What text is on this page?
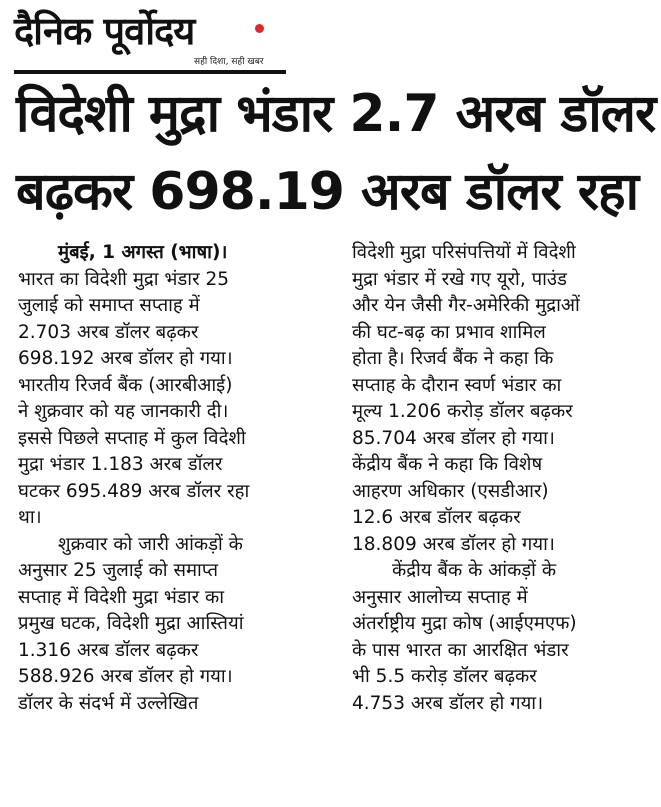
दैनिक पूर्वोदय
सही दिशा, सही खबर
विदेशी मुद्रा भंडार 2.7 अरब डॉलर
बढ़कर 698.19 अरब डॉलर रहा
मुंबई, 1 अगस्त (भाषा)।
भारत का विदेशी मुद्रा भंडार 25
जुलाई को समाप्त सप्ताह में
2.703 अरब डॉलर बढ़कर
698.192 अरब डॉलर हो गया।
भारतीय रिजर्व बैंक (आरबीआई)
ने शुक्रवार को यह जानकारी दी।
इससे पिछले सप्ताह में कुल विदेशी
मुद्रा भंडार 1.183 अरब डॉलर
घटकर 695.489 अरब डॉलर रहा
था।
शुक्रवार को जारी आंकड़ों के
अनुसार 25 जुलाई को समाप्त
सप्ताह में विदेशी मुद्रा भंडार का
प्रमुख घटक, विदेशी मुद्रा आस्तियां
1.316 अरब डॉलर बढ़कर
588.926 अरब डॉलर हो गया।
डॉलर के संदर्भ में उल्लेखित
विदेशी मुद्रा परिसंपत्तियों में विदेशी
मुद्रा भंडार में रखे गए यूरो, पाउंड
और येन जैसी गैर-अमेरिकी मुद्राओं
की घट-बढ़ का प्रभाव शामिल
होता है। रिजर्व बैंक ने कहा कि
सप्ताह के दौरान स्वर्ण भंडार का
मूल्य 1.206 करोड़ डॉलर बढ़कर
85.704 अरब डॉलर हो गया।
केंद्रीय बैंक ने कहा कि विशेष
आहरण अधिकार (एसडीआर)
12.6 अरब डॉलर बढ़कर
18.809 अरब डॉलर हो गया।
केंद्रीय बैंक के आंकड़ों के
अनुसार आलोच्य सप्ताह में
अंतर्राष्ट्रीय मुद्रा कोष (आईएमएफ)
के पास भारत का आरक्षित भंडार
भी 5.5 करोड़ डॉलर बढ़कर
4.753 अरब डॉलर हो गया।
